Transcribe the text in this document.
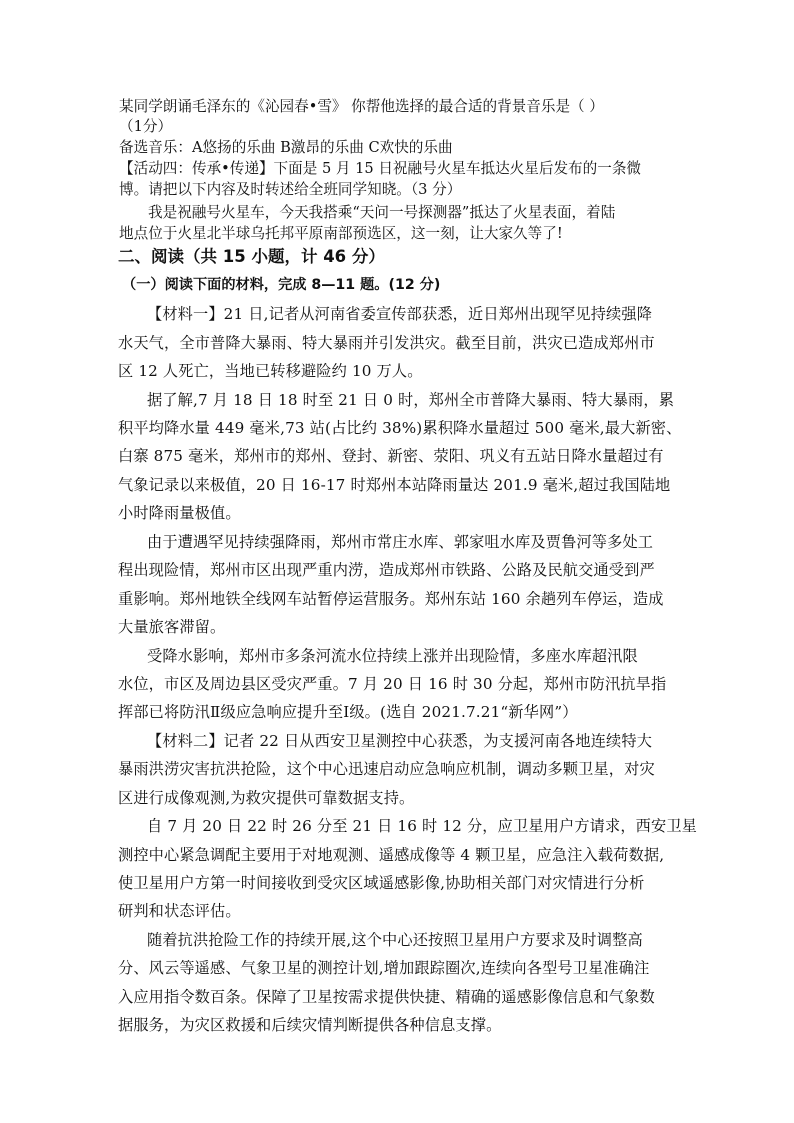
某同学朗诵毛泽东的《沁园春•雪》 你帮他选择的最合适的背景音乐是（ ）
（1分）
备选音乐：A悠扬的乐曲 B激昂的乐曲 C欢快的乐曲
【活动四：传承•传递】下面是 5 月 15 日祝融号火星车抵达火星后发布的一条微
博。请把以下内容及时转述给全班同学知晓。（3 分）
我是祝融号火星车，今天我搭乘“天问一号探测器”抵达了火星表面，着陆
地点位于火星北半球乌托邦平原南部预选区，这一刻，让大家久等了!
二、阅读（共 15 小题，计 46 分）
（一）阅读下面的材料，完成 8—11 题。(12 分)
【材料一】21 日,记者从河南省委宣传部获悉，近日郑州出现罕见持续强降
水天气，全市普降大暴雨、特大暴雨并引发洪灾。截至目前，洪灾已造成郑州市
区 12 人死亡，当地已转移避险约 10 万人。
据了解,7 月 18 日 18 时至 21 日 0 时，郑州全市普降大暴雨、特大暴雨，累
积平均降水量 449 毫米,73 站(占比约 38%)累积降水量超过 500 毫米,最大新密、
白寨 875 毫米，郑州市的郑州、登封、新密、荥阳、巩义有五站日降水量超过有
气象记录以来极值，20 日 16-17 时郑州本站降雨量达 201.9 毫米,超过我国陆地
小时降雨量极值。
由于遭遇罕见持续强降雨，郑州市常庄水库、郭家咀水库及贾鲁河等多处工
程出现险情，郑州市区出现严重内涝，造成郑州市铁路、公路及民航交通受到严
重影响。郑州地铁全线网车站暂停运营服务。郑州东站 160 余趟列车停运，造成
大量旅客滞留。
受降水影响，郑州市多条河流水位持续上涨并出现险情，多座水库超汛限
水位，市区及周边县区受灾严重。7 月 20 日 16 时 30 分起，郑州市防汛抗旱指
挥部已将防汛Ⅱ级应急响应提升至Ⅰ级。(选自 2021.7.21“新华网”）
【材料二】记者 22 日从西安卫星测控中心获悉，为支援河南各地连续特大
暴雨洪涝灾害抗洪抢险，这个中心迅速启动应急响应机制，调动多颗卫星，对灾
区进行成像观测,为救灾提供可靠数据支持。
自 7 月 20 日 22 时 26 分至 21 日 16 时 12 分，应卫星用户方请求，西安卫星
测控中心紧急调配主要用于对地观测、遥感成像等 4 颗卫星，应急注入载荷数据,
使卫星用户方第一时间接收到受灾区域遥感影像,协助相关部门对灾情进行分析
研判和状态评估。
随着抗洪抢险工作的持续开展,这个中心还按照卫星用户方要求及时调整高
分、风云等遥感、气象卫星的测控计划,增加跟踪圈次,连续向各型号卫星准确注
入应用指令数百条。保障了卫星按需求提供快捷、精确的遥感影像信息和气象数
据服务，为灾区救援和后续灾情判断提供各种信息支撑。
